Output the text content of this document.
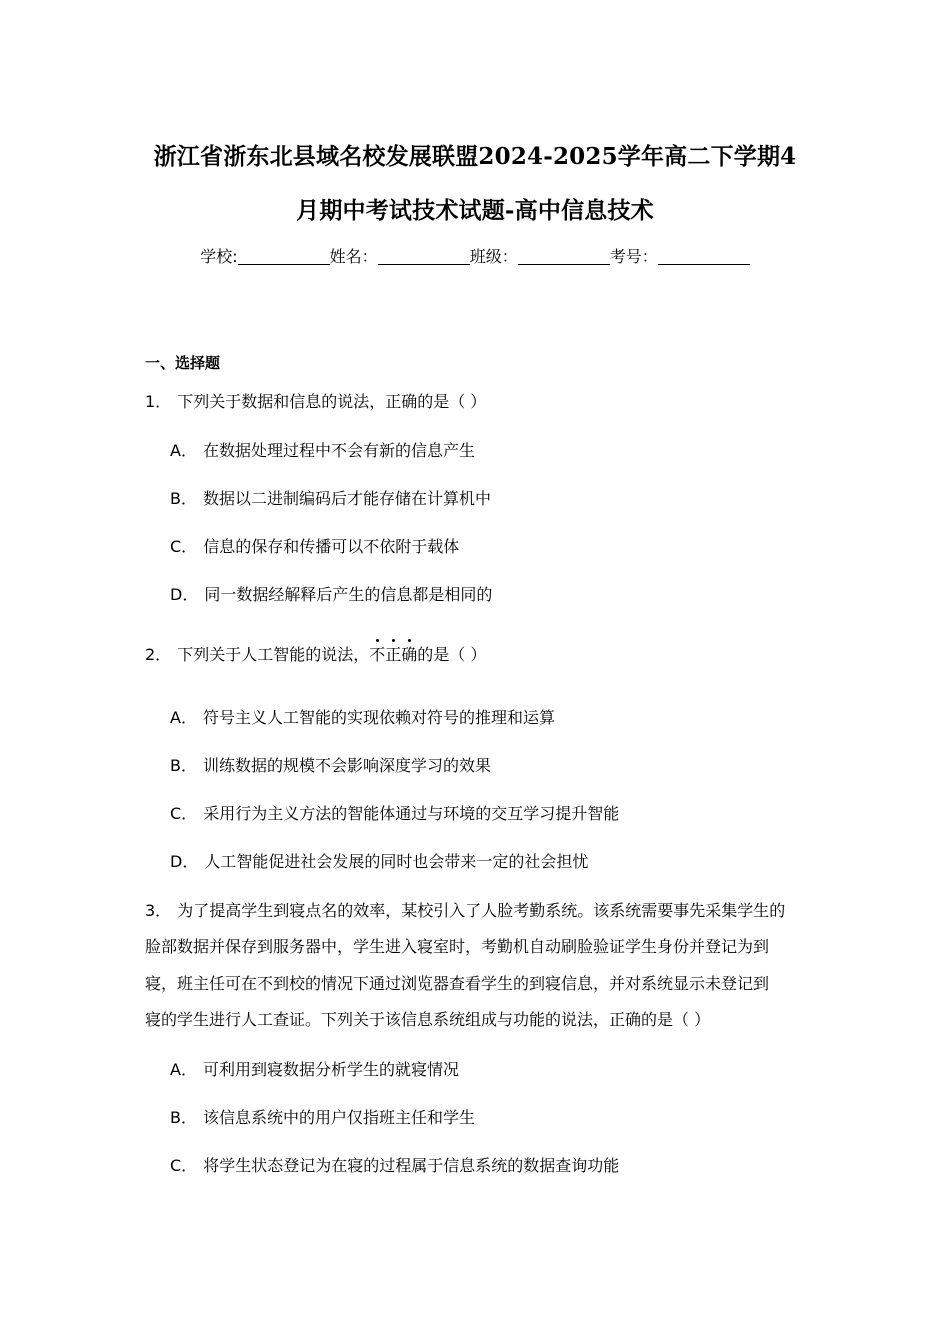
浙江省浙东北县域名校发展联盟2024-2025学年高二下学期4
月期中考试技术试题-高中信息技术
学校:	姓名：	班级：	考号：
一、选择题
1． 下列关于数据和信息的说法，正确的是（ ）
A． 在数据处理过程中不会有新的信息产生
B． 数据以二进制编码后才能存储在计算机中
C． 信息的保存和传播可以不依附于载体
D． 同一数据经解释后产生的信息都是相同的
2． 下列关于人工智能的说法，不正确的是（ ）
A． 符号主义人工智能的实现依赖对符号的推理和运算
B． 训练数据的规模不会影响深度学习的效果
C． 采用行为主义方法的智能体通过与环境的交互学习提升智能
D． 人工智能促进社会发展的同时也会带来一定的社会担忧
3． 为了提高学生到寝点名的效率，某校引入了人脸考勤系统。该系统需要事先采集学生的
脸部数据并保存到服务器中，学生进入寝室时，考勤机自动刷脸验证学生身份并登记为到
寝，班主任可在不到校的情况下通过浏览器查看学生的到寝信息，并对系统显示未登记到
寝的学生进行人工查证。下列关于该信息系统组成与功能的说法，正确的是（ ）
A． 可利用到寝数据分析学生的就寝情况
B． 该信息系统中的用户仅指班主任和学生
C． 将学生状态登记为在寝的过程属于信息系统的数据查询功能
